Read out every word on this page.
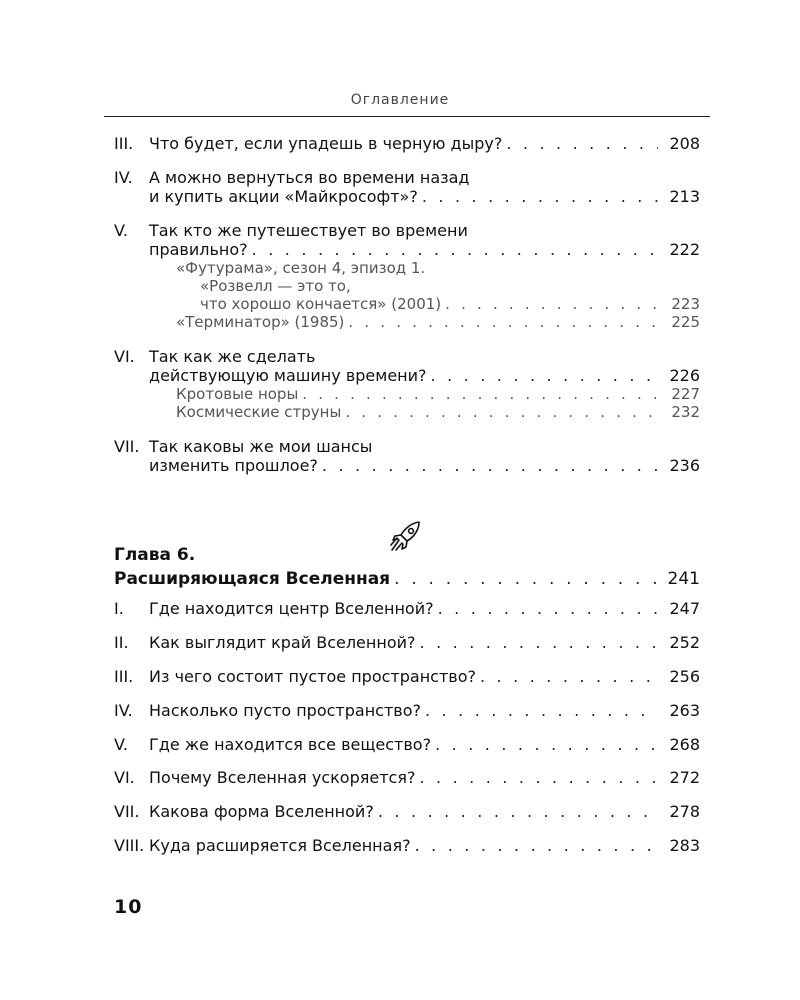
Оглавление
III. Что будет, если упадешь в черную дыру? . . .	208
IV. А можно вернуться во времени назад
и купить акции «Майкрософт»? . . .	213
V. Так кто же путешествует во времени
правильно? . . .	222
«Футурама», сезон 4, эпизод 1.
«Розвелл — это то,
что хорошо кончается» (2001) . . .	223
«Терминатор» (1985) . . .	225
VI. Так как же сделать
действующую машину времени? . . .	226
Кротовые норы . . .	227
Космические струны . . .	232
VII. Так каковы же мои шансы
изменить прошлое? . . .	236
Глава 6.
Расширяющаяся Вселенная . . .	241
I. Где находится центр Вселенной? . . .	247
II. Как выглядит край Вселенной? . . .	252
III. Из чего состоит пустое пространство? . . .	256
IV. Насколько пусто пространство? . . .	263
V. Где же находится все вещество? . . .	268
VI. Почему Вселенная ускоряется? . . .	272
VII. Какова форма Вселенной? . . .	278
VIII. Куда расширяется Вселенная? . . .	283
10
